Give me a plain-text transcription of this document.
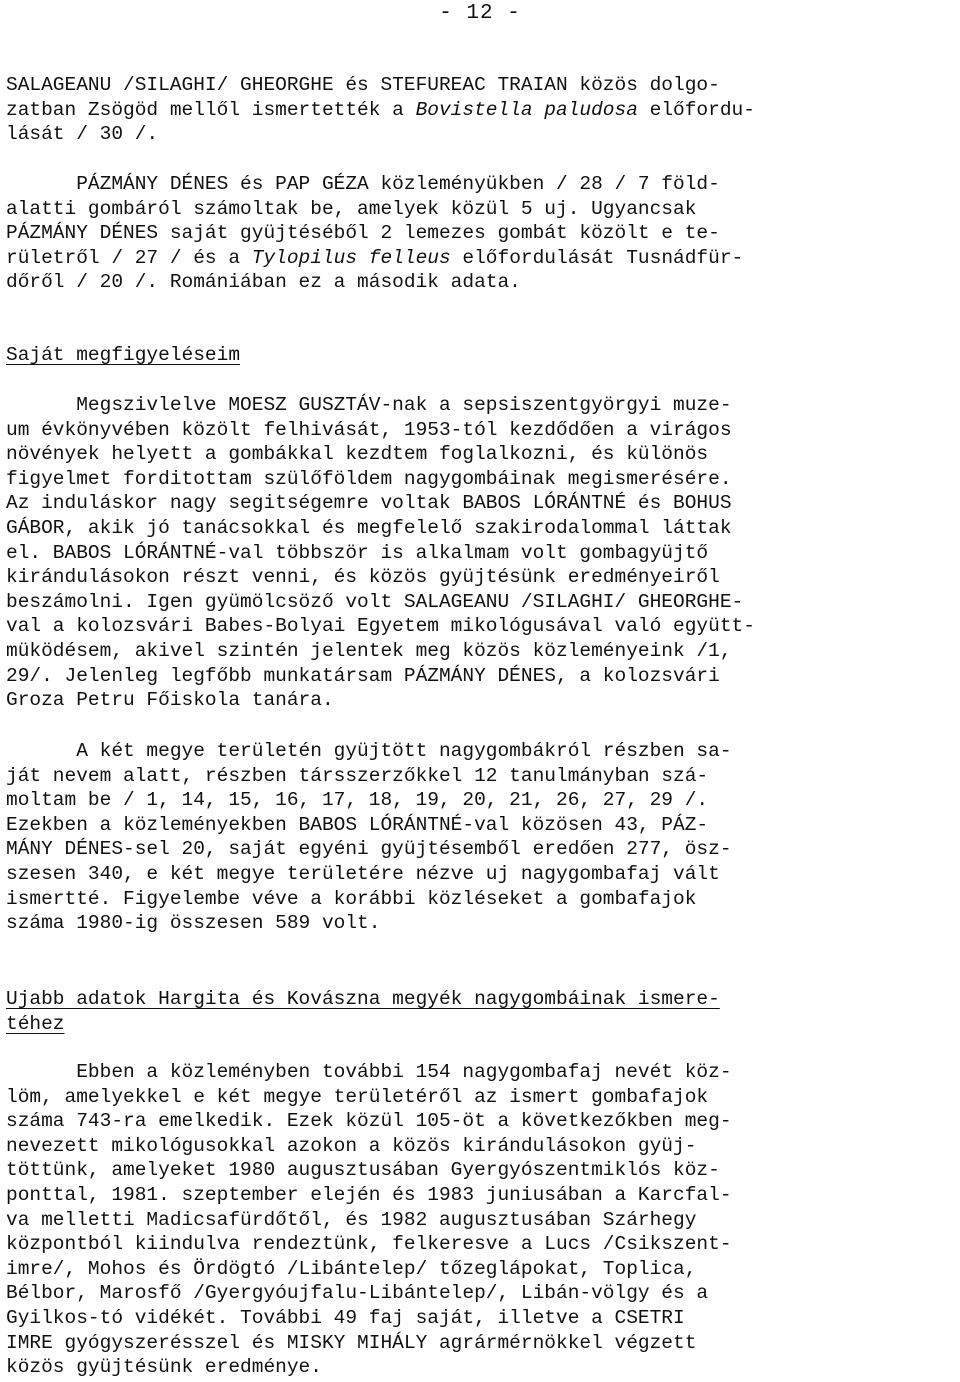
- 12 -
SALAGEANU /SILAGHI/ GHEORGHE és STEFUREAC TRAIAN közös dolgo-
zatban Zsögöd mellől ismertették a Bovistella paludosa előfordu-
lását / 30 /.
PÁZMÁNY DÉNES és PAP GÉZA közleményükben / 28 / 7 föld-
alatti gombáról számoltak be, amelyek közül 5 uj. Ugyancsak
PÁZMÁNY DÉNES saját gyüjtéséből 2 lemezes gombát közölt e te-
rületről / 27 / és a Tylopilus felleus előfordulását Tusnádfür-
dőről / 20 /. Romániában ez a második adata.
Saját megfigyeléseim
Megszivlelve MOESZ GUSZTÁV-nak a sepsiszentgyörgyi muze-
um évkönyvében közölt felhivását, 1953-tól kezdődően a virágos
növények helyett a gombákkal kezdtem foglalkozni, és különös
figyelmet forditottam szülőföldem nagygombáinak megismerésére.
Az induláskor nagy segitségemre voltak BABOS LÓRÁNTNÉ és BOHUS
GÁBOR, akik jó tanácsokkal és megfelelő szakirodalommal láttak
el. BABOS LÓRÁNTNÉ-val többször is alkalmam volt gombagyüjtő
kirándulásokon részt venni, és közös gyüjtésünk eredményeiről
beszámolni. Igen gyümölcsöző volt SALAGEANU /SILAGHI/ GHEORGHE-
val a kolozsvári Babes-Bolyai Egyetem mikológusával való együtt-
müködésem, akivel szintén jelentek meg közös közleményeink /1,
29/. Jelenleg legfőbb munkatársam PÁZMÁNY DÉNES, a kolozsvári
Groza Petru Főiskola tanára.
A két megye területén gyüjtött nagygombákról részben sa-
ját nevem alatt, részben társszerzőkkel 12 tanulmányban szá-
moltam be / 1, 14, 15, 16, 17, 18, 19, 20, 21, 26, 27, 29 /.
Ezekben a közleményekben BABOS LÓRÁNTNÉ-val közösen 43, PÁZ-
MÁNY DÉNES-sel 20, saját egyéni gyüjtésemből eredően 277, ösz-
szesen 340, e két megye területére nézve uj nagygombafaj vált
ismertté. Figyelembe véve a korábbi közléseket a gombafajok
száma 1980-ig összesen 589 volt.
Ujabb adatok Hargita és Kovászna megyék nagygombáinak ismere-
téhez
Ebben a közleményben további 154 nagygombafaj nevét köz-
löm, amelyekkel e két megye területéről az ismert gombafajok
száma 743-ra emelkedik. Ezek közül 105-öt a következőkben meg-
nevezett mikológusokkal azokon a közös kirándulásokon gyüj-
töttünk, amelyeket 1980 augusztusában Gyergyószentmiklós köz-
ponttal, 1981. szeptember elején és 1983 juniusában a Karcfal-
va melletti Madicsafürdőtől, és 1982 augusztusában Szárhegy
központból kiindulva rendeztünk, felkeresve a Lucs /Csikszent-
imre/, Mohos és Ördögtó /Libántelep/ tőzeglápokat, Toplica,
Bélbor, Marosfő /Gyergyóujfalu-Libántelep/, Libán-völgy és a
Gyilkos-tó vidékét. További 49 faj saját, illetve a CSETRI
IMRE gyógyszerésszel és MISKY MIHÁLY agrármérnökkel végzett
közös gyüjtésünk eredménye.
